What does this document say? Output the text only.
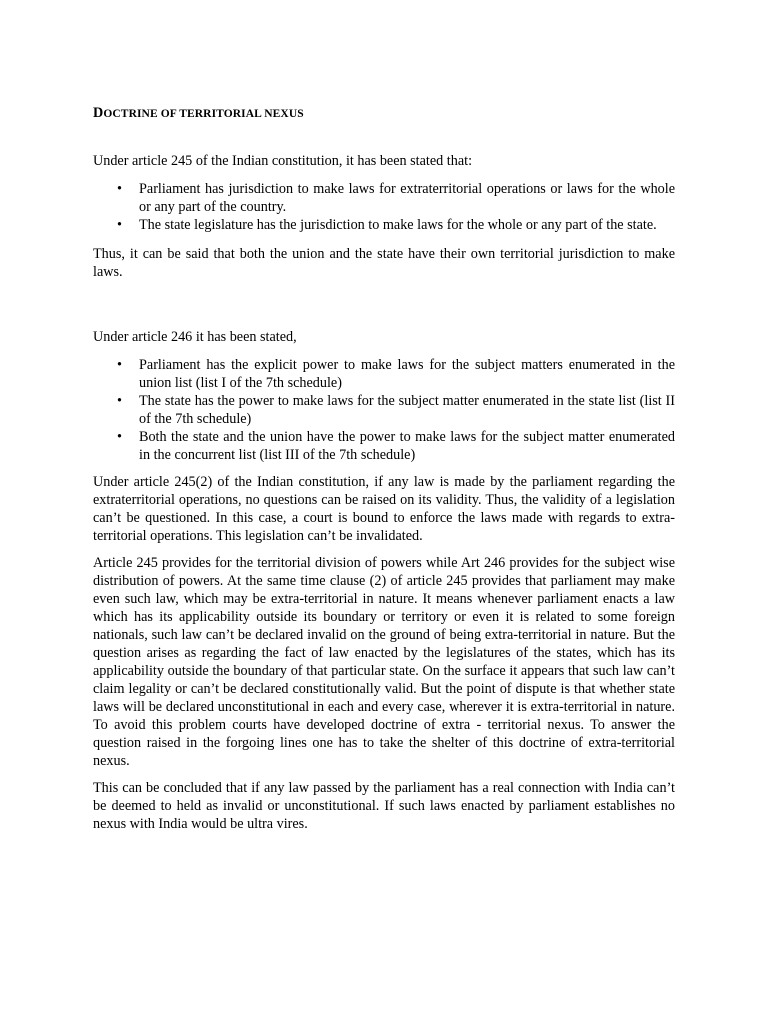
DOCTRINE OF TERRITORIAL NEXUS

Under article 245 of the Indian constitution, it has been stated that:

• Parliament has jurisdiction to make laws for extraterritorial operations or laws for the whole or any part of the country.
• The state legislature has the jurisdiction to make laws for the whole or any part of the state.

Thus, it can be said that both the union and the state have their own territorial jurisdiction to make laws.

Under article 246 it has been stated,

• Parliament has the explicit power to make laws for the subject matters enumerated in the union list (list I of the 7th schedule)
• The state has the power to make laws for the subject matter enumerated in the state list (list II of the 7th schedule)
• Both the state and the union have the power to make laws for the subject matter enumerated in the concurrent list (list III of the 7th schedule)

Under article 245(2) of the Indian constitution, if any law is made by the parliament regarding the extraterritorial operations, no questions can be raised on its validity. Thus, the validity of a legislation can’t be questioned. In this case, a court is bound to enforce the laws made with regards to extra-territorial operations. This legislation can’t be invalidated.

Article 245 provides for the territorial division of powers while Art 246 provides for the subject wise distribution of powers. At the same time clause (2) of article 245 provides that parliament may make even such law, which may be extra-territorial in nature. It means whenever parliament enacts a law which has its applicability outside its boundary or territory or even it is related to some foreign nationals, such law can’t be declared invalid on the ground of being extra-territorial in nature. But the question arises as regarding the fact of law enacted by the legislatures of the states, which has its applicability outside the boundary of that particular state. On the surface it appears that such law can’t claim legality or can’t be declared constitutionally valid. But the point of dispute is that whether state laws will be declared unconstitutional in each and every case, wherever it is extra-territorial in nature. To avoid this problem courts have developed doctrine of extra - territorial nexus. To answer the question raised in the forgoing lines one has to take the shelter of this doctrine of extra-territorial nexus.

This can be concluded that if any law passed by the parliament has a real connection with India can’t be deemed to held as invalid or unconstitutional. If such laws enacted by parliament establishes no nexus with India would be ultra vires.
